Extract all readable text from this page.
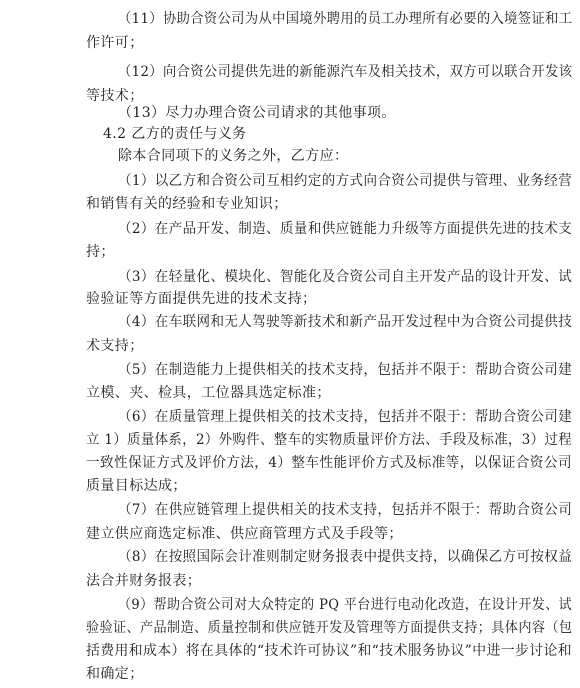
（11）协助合资公司为从中国境外聘用的员工办理所有必要的入境签证和工
作许可；
（12）向合资公司提供先进的新能源汽车及相关技术，双方可以联合开发该
等技术；
（13）尽力办理合资公司请求的其他事项。
4.2 乙方的责任与义务
除本合同项下的义务之外，乙方应：
（1）以乙方和合资公司互相约定的方式向合资公司提供与管理、业务经营
和销售有关的经验和专业知识；
（2）在产品开发、制造、质量和供应链能力升级等方面提供先进的技术支
持；
（3）在轻量化、模块化、智能化及合资公司自主开发产品的设计开发、试
验验证等方面提供先进的技术支持；
（4）在车联网和无人驾驶等新技术和新产品开发过程中为合资公司提供技
术支持；
（5）在制造能力上提供相关的技术支持，包括并不限于：帮助合资公司建
立模、夹、检具，工位器具选定标准；
（6）在质量管理上提供相关的技术支持，包括并不限于：帮助合资公司建
立 1）质量体系，2）外购件、整车的实物质量评价方法、手段及标准，3）过程
一致性保证方式及评价方法，4）整车性能评价方式及标准等，以保证合资公司
质量目标达成；
（7）在供应链管理上提供相关的技术支持，包括并不限于：帮助合资公司
建立供应商选定标准、供应商管理方式及手段等；
（8）在按照国际会计准则制定财务报表中提供支持，以确保乙方可按权益
法合并财务报表；
（9）帮助合资公司对大众特定的 PQ 平台进行电动化改造，在设计开发、试
验验证、产品制造、质量控制和供应链开发及管理等方面提供支持；具体内容（包
括费用和成本）将在具体的“技术许可协议”和“技术服务协议”中进一步讨论和
和确定；
